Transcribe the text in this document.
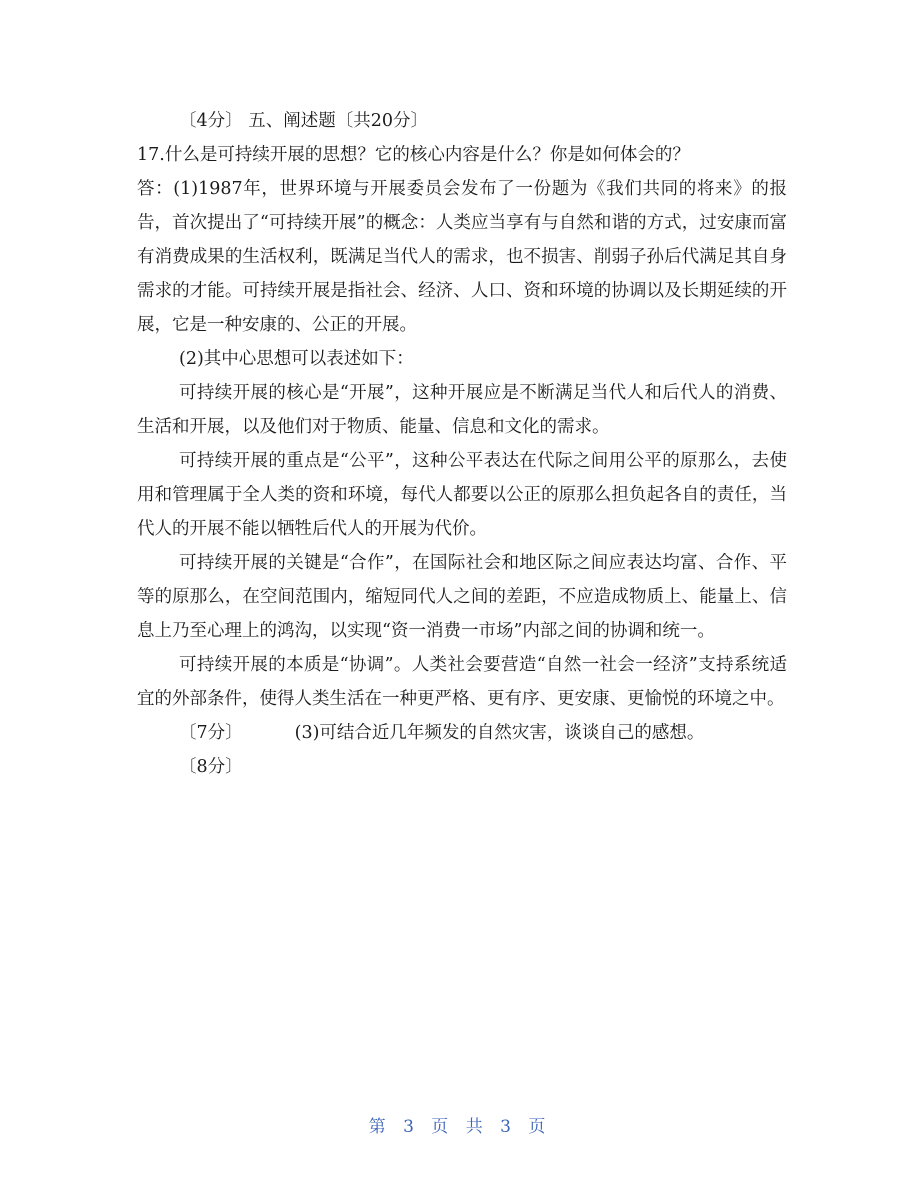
〔4分〕 五、阐述题〔共20分〕
17.什么是可持续开展的思想？它的核心内容是什么？你是如何体会的？
答：(1)1987年，世界环境与开展委员会发布了一份题为《我们共同的将来》的报告，首次提出了“可持续开展”的概念：人类应当享有与自然和谐的方式，过安康而富有消费成果的生活权利，既满足当代人的需求，也不损害、削弱子孙后代满足其自身需求的才能。可持续开展是指社会、经济、人口、资和环境的协调以及长期延续的开展，它是一种安康的、公正的开展。
(2)其中心思想可以表述如下：
可持续开展的核心是“开展”，这种开展应是不断满足当代人和后代人的消费、生活和开展，以及他们对于物质、能量、信息和文化的需求。
可持续开展的重点是“公平”，这种公平表达在代际之间用公平的原那么，去使用和管理属于全人类的资和环境，每代人都要以公正的原那么担负起各自的责任，当代人的开展不能以牺牲后代人的开展为代价。
可持续开展的关键是“合作”，在国际社会和地区际之间应表达均富、合作、平等的原那么，在空间范围内，缩短同代人之间的差距，不应造成物质上、能量上、信息上乃至心理上的鸿沟，以实现“资一消费一市场”内部之间的协调和统一。
可持续开展的本质是“协调”。人类社会要营造“自然一社会一经济”支持系统适宜的外部条件，使得人类生活在一种更严格、更有序、更安康、更愉悦的环境之中。
〔7分〕	(3)可结合近几年频发的自然灾害，谈谈自己的感想。
〔8分〕
第 3 页 共 3 页
